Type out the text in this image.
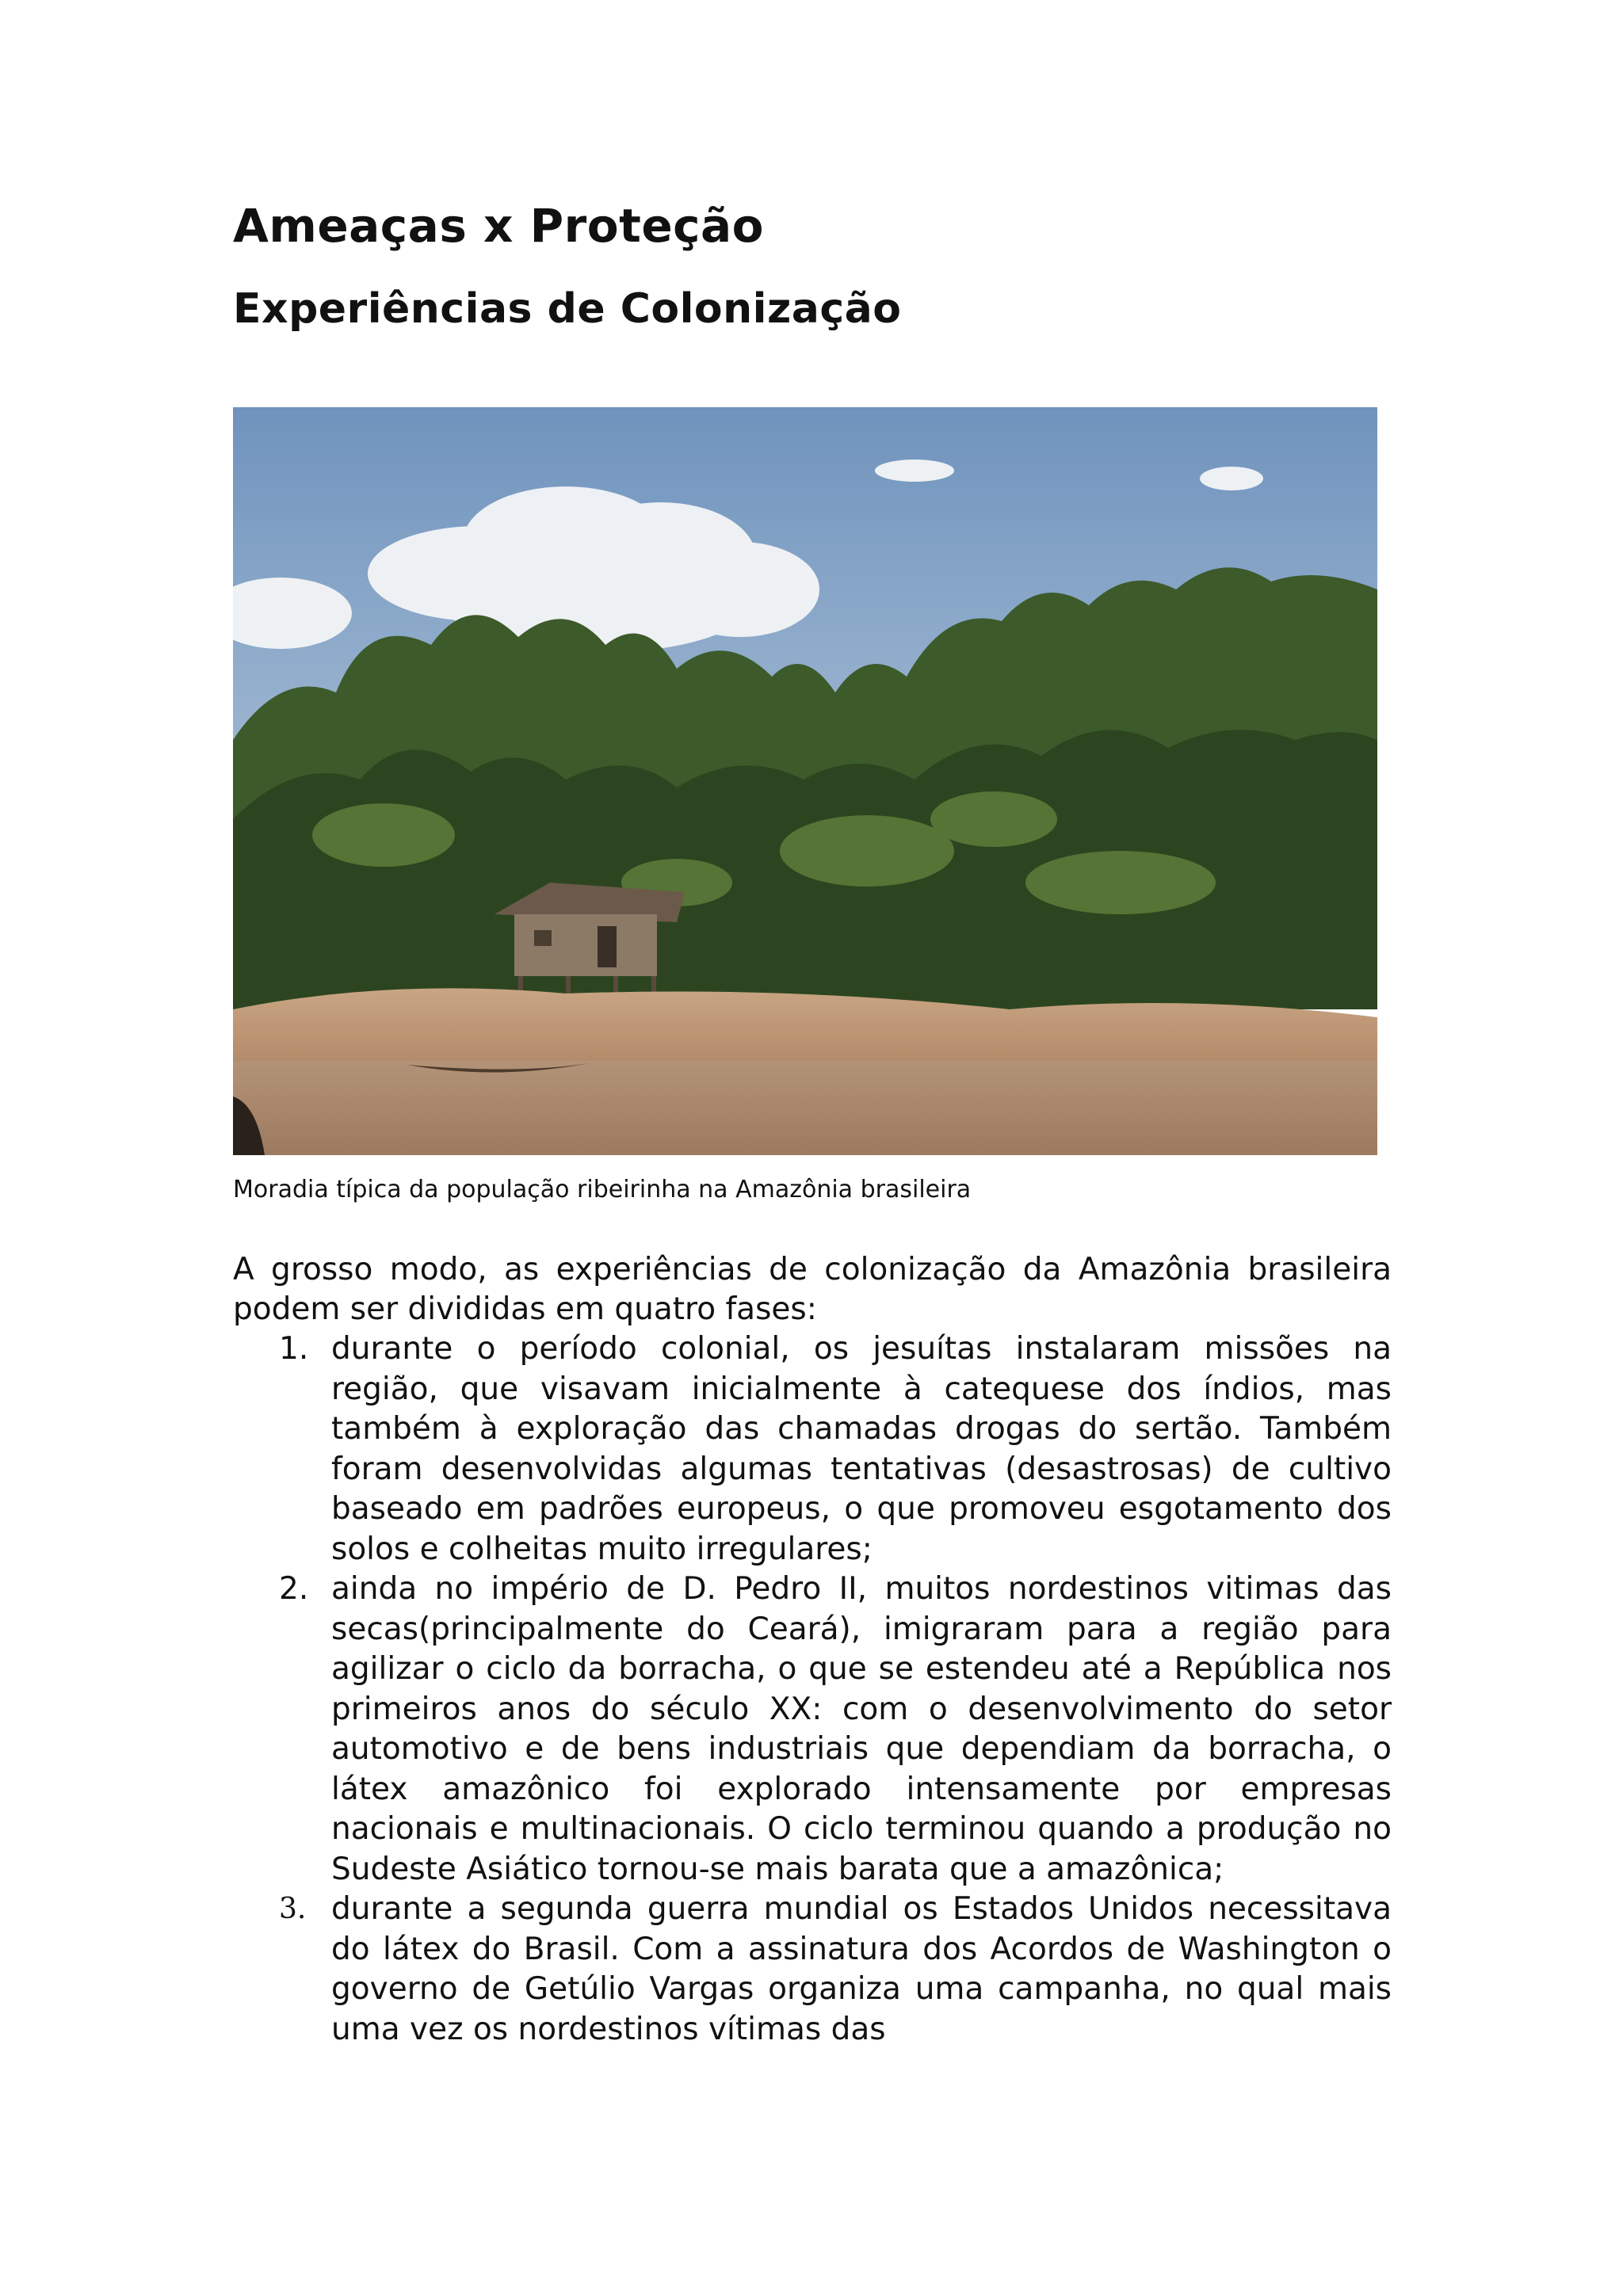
Ameaças x Proteção
Experiências de Colonização
Moradia típica da população ribeirinha na Amazônia brasileira

A grosso modo, as experiências de colonização da Amazônia brasileira podem ser divididas em quatro fases:

1. durante o período colonial, os jesuítas instalaram missões na região, que visavam inicialmente à catequese dos índios, mas também à exploração das chamadas drogas do sertão. Também foram desenvolvidas algumas tentativas (desastrosas) de cultivo baseado em padrões europeus, o que promoveu esgotamento dos solos e colheitas muito irregulares;
2. ainda no império de D. Pedro II, muitos nordestinos vitimas das secas(principalmente do Ceará), imigraram para a região para agilizar o ciclo da borracha, o que se estendeu até a República nos primeiros anos do século XX: com o desenvolvimento do setor automotivo e de bens industriais que dependiam da borracha, o látex amazônico foi explorado intensamente por empresas nacionais e multinacionais. O ciclo terminou quando a produção no Sudeste Asiático tornou-se mais barata que a amazônica;
3. durante a segunda guerra mundial os Estados Unidos necessitava do látex do Brasil. Com a assinatura dos Acordos de Washington o governo de Getúlio Vargas organiza uma campanha, no qual mais uma vez os nordestinos vítimas das
